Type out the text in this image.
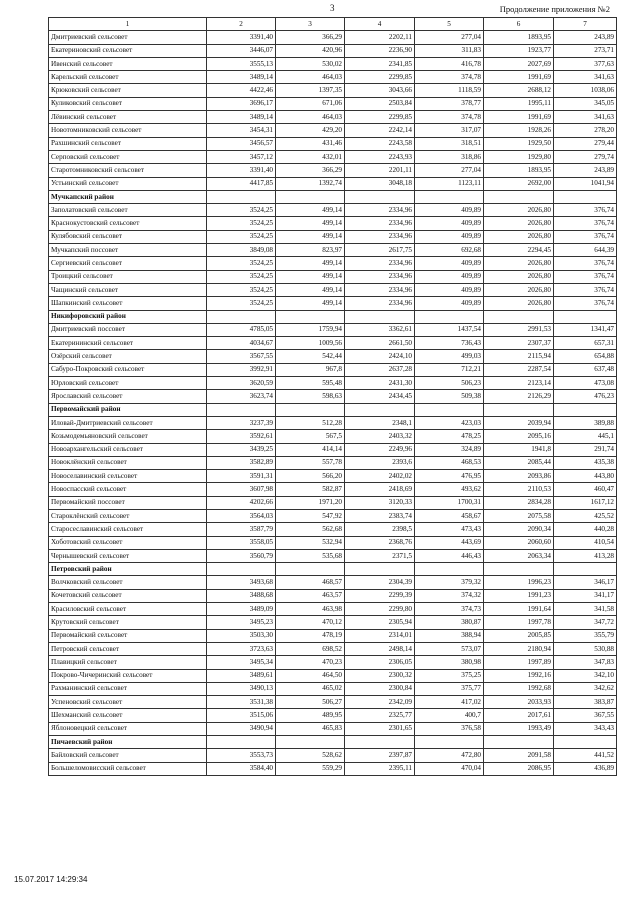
3	Продолжение приложения №2
1	2	3	4	5	6	7
Дмитриевский сельсовет	3391,40	366,29	2202,11	277,04	1893,95	243,89
Екатериновский сельсовет	3446,07	420,96	2236,90	311,83	1923,77	273,71
Ивенский сельсовет	3555,13	530,02	2341,85	416,78	2027,69	377,63
Карельский сельсовет	3489,14	464,03	2299,85	374,78	1991,69	341,63
Крюковский сельсовет	4422,46	1397,35	3043,66	1118,59	2688,12	1038,06
Куликовский сельсовет	3696,17	671,06	2503,84	378,77	1995,11	345,05
Лёвинский сельсовет	3489,14	464,03	2299,85	374,78	1991,69	341,63
Новотомниковский сельсовет	3454,31	429,20	2242,14	317,07	1928,26	278,20
Рахшинский сельсовет	3456,57	431,46	2243,58	318,51	1929,50	279,44
Серповский сельсовет	3457,12	432,01	2243,93	318,86	1929,80	279,74
Старотомниковский сельсовет	3391,40	366,29	2201,11	277,04	1893,95	243,89
Устьинский сельсовет	4417,85	1392,74	3048,18	1123,11	2692,00	1041,94
Мучкапский район						
Заполатовский сельсовет	3524,25	499,14	2334,96	409,89	2026,80	376,74
Краснокустовский сельсовет	3524,25	499,14	2334,96	409,89	2026,80	376,74
Кулябовский сельсовет	3524,25	499,14	2334,96	409,89	2026,80	376,74
Мучкапский поссовет	3849,08	823,97	2617,75	692,68	2294,45	644,39
Сергиевский сельсовет	3524,25	499,14	2334,96	409,89	2026,80	376,74
Троицкий сельсовет	3524,25	499,14	2334,96	409,89	2026,80	376,74
Чащинский сельсовет	3524,25	499,14	2334,96	409,89	2026,80	376,74
Шапкинский сельсовет	3524,25	499,14	2334,96	409,89	2026,80	376,74
Никифоровский район						
Дмитриевский поссовет	4785,05	1759,94	3362,61	1437,54	2991,53	1341,47
Екатерининский сельсовет	4034,67	1009,56	2661,50	736,43	2307,37	657,31
Озёрский сельсовет	3567,55	542,44	2424,10	499,03	2115,94	654,88
Сабуро-Покровский сельсовет	3992,91	967,8	2637,28	712,21	2287,54	637,48
Юрловский сельсовет	3620,59	595,48	2431,30	506,23	2123,14	473,08
Ярославский сельсовет	3623,74	598,63	2434,45	509,38	2126,29	476,23
Первомайский район						
Иловай-Дмитриевский сельсовет	3237,39	512,28	2348,1	423,03	2039,94	389,88
Козьмодемьяновский сельсовет	3592,61	567,5	2403,32	478,25	2095,16	445,1
Новоархангельский сельсовет	3439,25	414,14	2249,96	324,89	1941,8	291,74
Новоклёнский сельсовет	3582,89	557,78	2393,6	468,53	2085,44	435,38
Новоселавинский сельсовет	3591,31	566,20	2402,02	476,95	2093,86	443,80
Новоспасский сельсовет	3607,98	582,87	2418,69	493,62	2110,53	460,47
Первомайский поссовет	4202,66	1971,20	3120,33	1700,31	2834,28	1617,12
Староклёнский сельсовет	3564,03	547,92	2383,74	458,67	2075,58	425,52
Старосеславинский сельсовет	3587,79	562,68	2398,5	473,43	2090,34	440,28
Хоботовский сельсовет	3558,05	532,94	2368,76	443,69	2060,60	410,54
Чернышевский сельсовет	3560,79	535,68	2371,5	446,43	2063,34	413,28
Петровский район						
Волчковский сельсовет	3493,68	468,57	2304,39	379,32	1996,23	346,17
Кочетовский сельсовет	3488,68	463,57	2299,39	374,32	1991,23	341,17
Красиловский сельсовет	3489,09	463,98	2299,80	374,73	1991,64	341,58
Крутовский сельсовет	3495,23	470,12	2305,94	380,87	1997,78	347,72
Первомайский сельсовет	3503,30	478,19	2314,01	388,94	2005,85	355,79
Петровский сельсовет	3723,63	698,52	2498,14	573,07	2180,94	530,88
Плавицкий сельсовет	3495,34	470,23	2306,05	380,98	1997,89	347,83
Покрово-Чичеринский сельсовет	3489,61	464,50	2300,32	375,25	1992,16	342,10
Рахманинский сельсовет	3490,13	465,02	2300,84	375,77	1992,68	342,62
Успеновский сельсовет	3531,38	506,27	2342,09	417,02	2033,93	383,87
Шехманский сельсовет	3515,06	489,95	2325,77	400,7	2017,61	367,55
Яблоновецкий сельсовет	3490,94	465,83	2301,65	376,58	1993,49	343,43
Пичаевский район						
Байловский сельсовет	3553,73	528,62	2397,87	472,80	2091,58	441,52
Большеломовисский сельсовет	3584,40	559,29	2395,11	470,04	2086,95	436,89
15.07.2017 14:29:34
